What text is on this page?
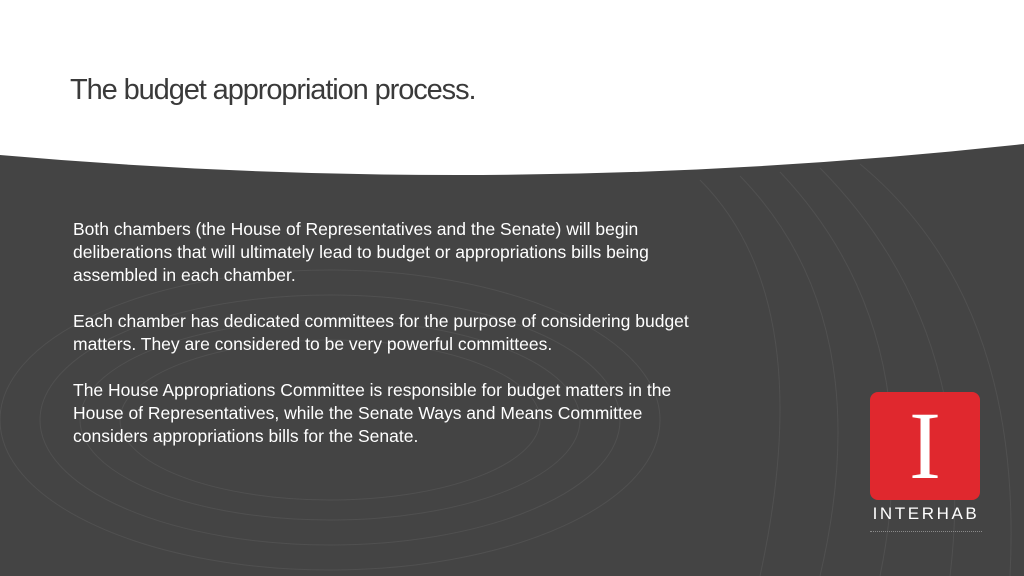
The budget appropriation process.

Both chambers (the House of Representatives and the Senate) will begin deliberations that will ultimately lead to budget or appropriations bills being assembled in each chamber.

Each chamber has dedicated committees for the purpose of considering budget matters. They are considered to be very powerful committees.

The House Appropriations Committee is responsible for budget matters in the House of Representatives, while the Senate Ways and Means Committee considers appropriations bills for the Senate.	I
INTERHAB
